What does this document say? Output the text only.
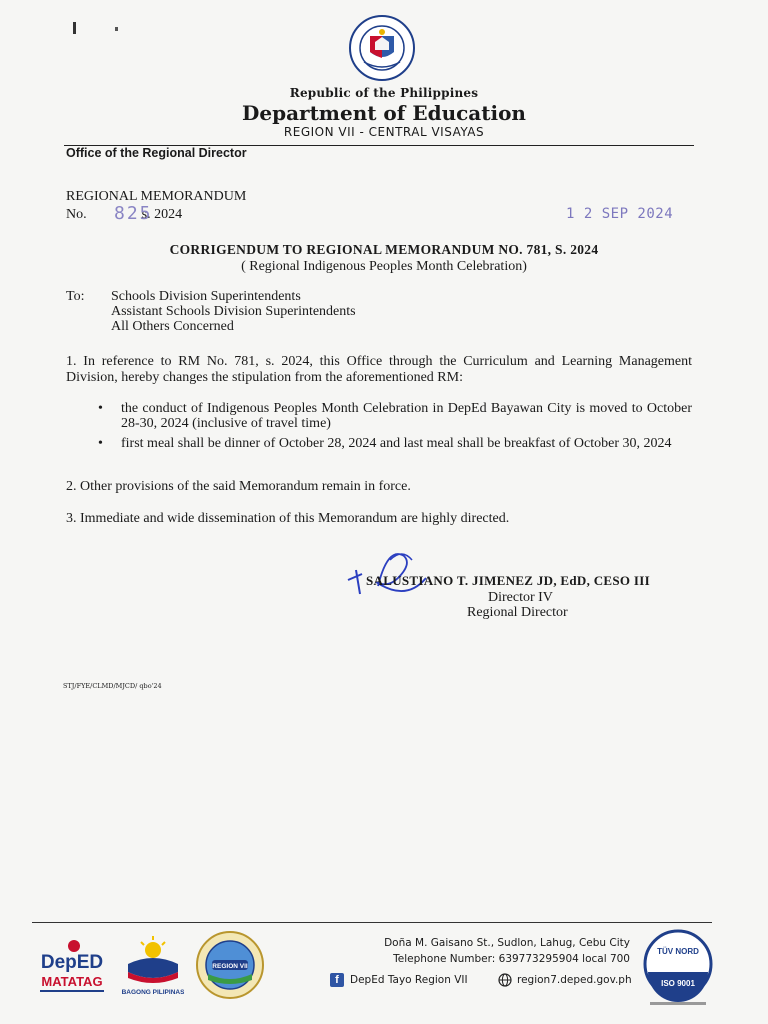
Republic of the Philippines
Department of Education
REGION VII - CENTRAL VISAYAS
Office of the Regional Director
REGIONAL MEMORANDUM
No.	s. 2024
825	1 2 SEP 2024
CORRIGENDUM TO REGIONAL MEMORANDUM NO. 781, S. 2024
( Regional Indigenous Peoples Month Celebration)
To: Schools Division Superintendents
Assistant Schools Division Superintendents
All Others Concerned
1. In reference to RM No. 781, s. 2024, this Office through the Curriculum and Learning Management Division, hereby changes the stipulation from the aforementioned RM:
• the conduct of Indigenous Peoples Month Celebration in DepEd Bayawan City is moved to October 28-30, 2024 (inclusive of travel time)
• first meal shall be dinner of October 28, 2024 and last meal shall be breakfast of October 30, 2024
2. Other provisions of the said Memorandum remain in force.
3. Immediate and wide dissemination of this Memorandum are highly directed.
SALUSTIANO T. JIMENEZ JD, EdD, CESO III
Director IV
Regional Director
STJ/FYE/CLMD/MJCD/ qbo'24
DepED
MATATAG
BAGONG PILIPINAS
REGION VII
Doña M. Gaisano St., Sudlon, Lahug, Cebu City
Telephone Number: 639773295904 local 700
f	DepEd Tayo Region VII	region7.deped.gov.ph
TÜV NORD
ISO 9001
